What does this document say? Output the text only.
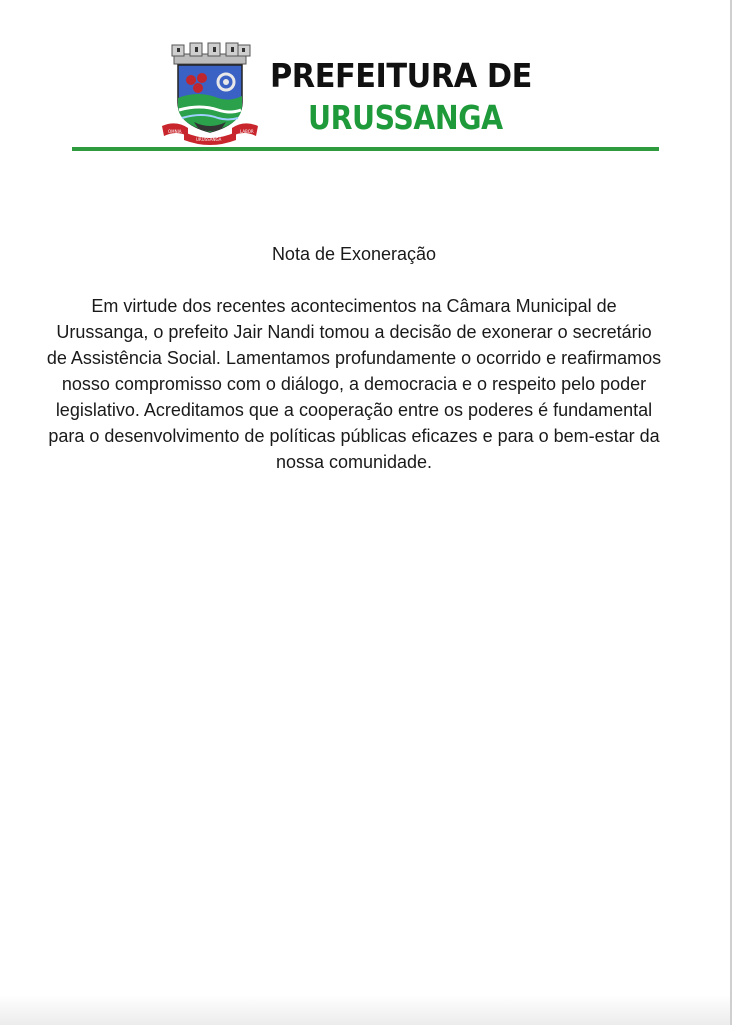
OMNIA	LABOR
URUSSANGA
PREFEITURA DE
URUSSANGA
Nota de Exoneração
Em virtude dos recentes acontecimentos na Câmara Municipal de Urussanga, o prefeito Jair Nandi tomou a decisão de exonerar o secretário de Assistência Social. Lamentamos profundamente o ocorrido e reafirmamos nosso compromisso com o diálogo, a democracia e o respeito pelo poder legislativo. Acreditamos que a cooperação entre os poderes é fundamental para o desenvolvimento de políticas públicas eficazes e para o bem-estar da nossa comunidade.
